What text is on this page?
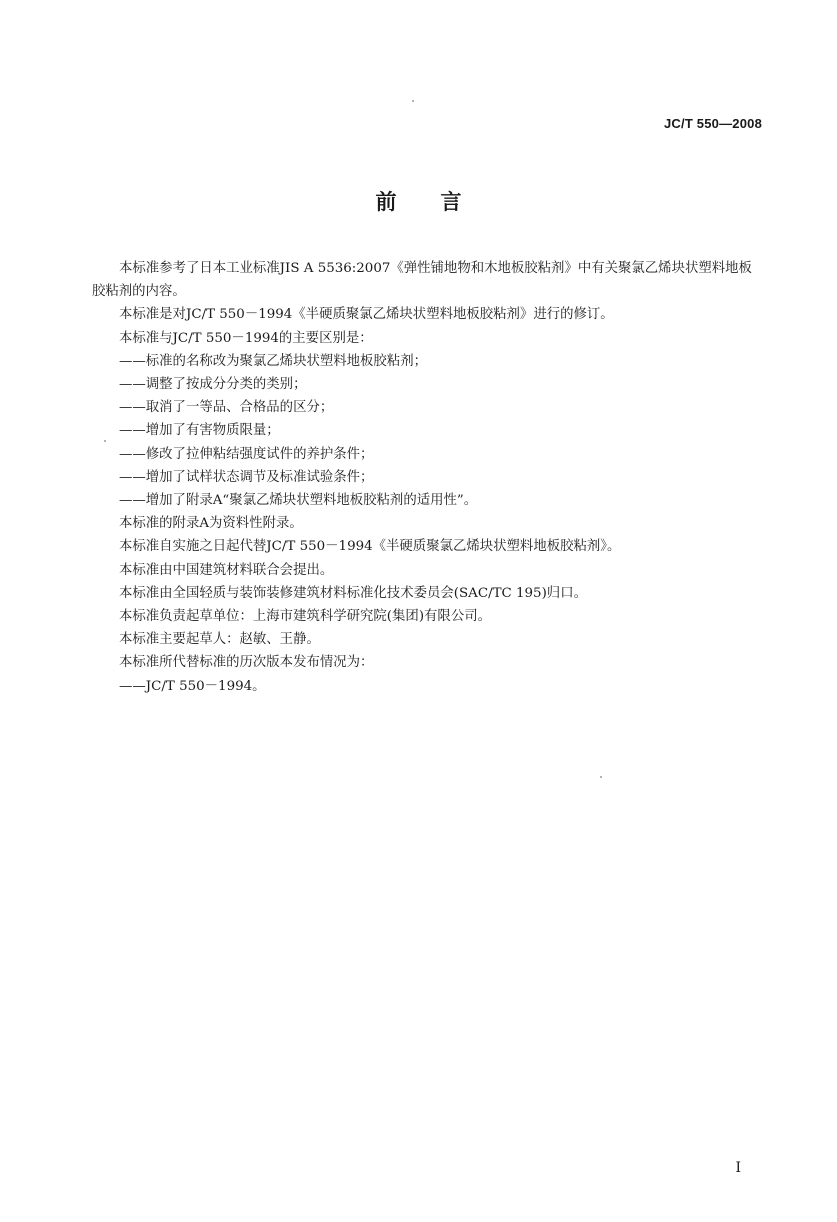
JC/T 550—2008
前言

本标准参考了日本工业标准JIS A 5536:2007《弹性铺地物和木地板胶粘剂》中有关聚氯乙烯块状塑料地板胶粘剂的内容。

本标准是对JC/T 550－1994《半硬质聚氯乙烯块状塑料地板胶粘剂》进行的修订。

本标准与JC/T 550－1994的主要区别是：

——标准的名称改为聚氯乙烯块状塑料地板胶粘剂；

——调整了按成分分类的类别；

——取消了一等品、合格品的区分；

——增加了有害物质限量；

——修改了拉伸粘结强度试件的养护条件；

——增加了试样状态调节及标准试验条件；

——增加了附录A“聚氯乙烯块状塑料地板胶粘剂的适用性”。

本标准的附录A为资料性附录。

本标准自实施之日起代替JC/T 550－1994《半硬质聚氯乙烯块状塑料地板胶粘剂》。

本标准由中国建筑材料联合会提出。

本标准由全国轻质与装饰装修建筑材料标准化技术委员会(SAC/TC 195)归口。

本标准负责起草单位：上海市建筑科学研究院(集团)有限公司。

本标准主要起草人：赵敏、王静。

本标准所代替标准的历次版本发布情况为：

——JC/T 550－1994。

I
